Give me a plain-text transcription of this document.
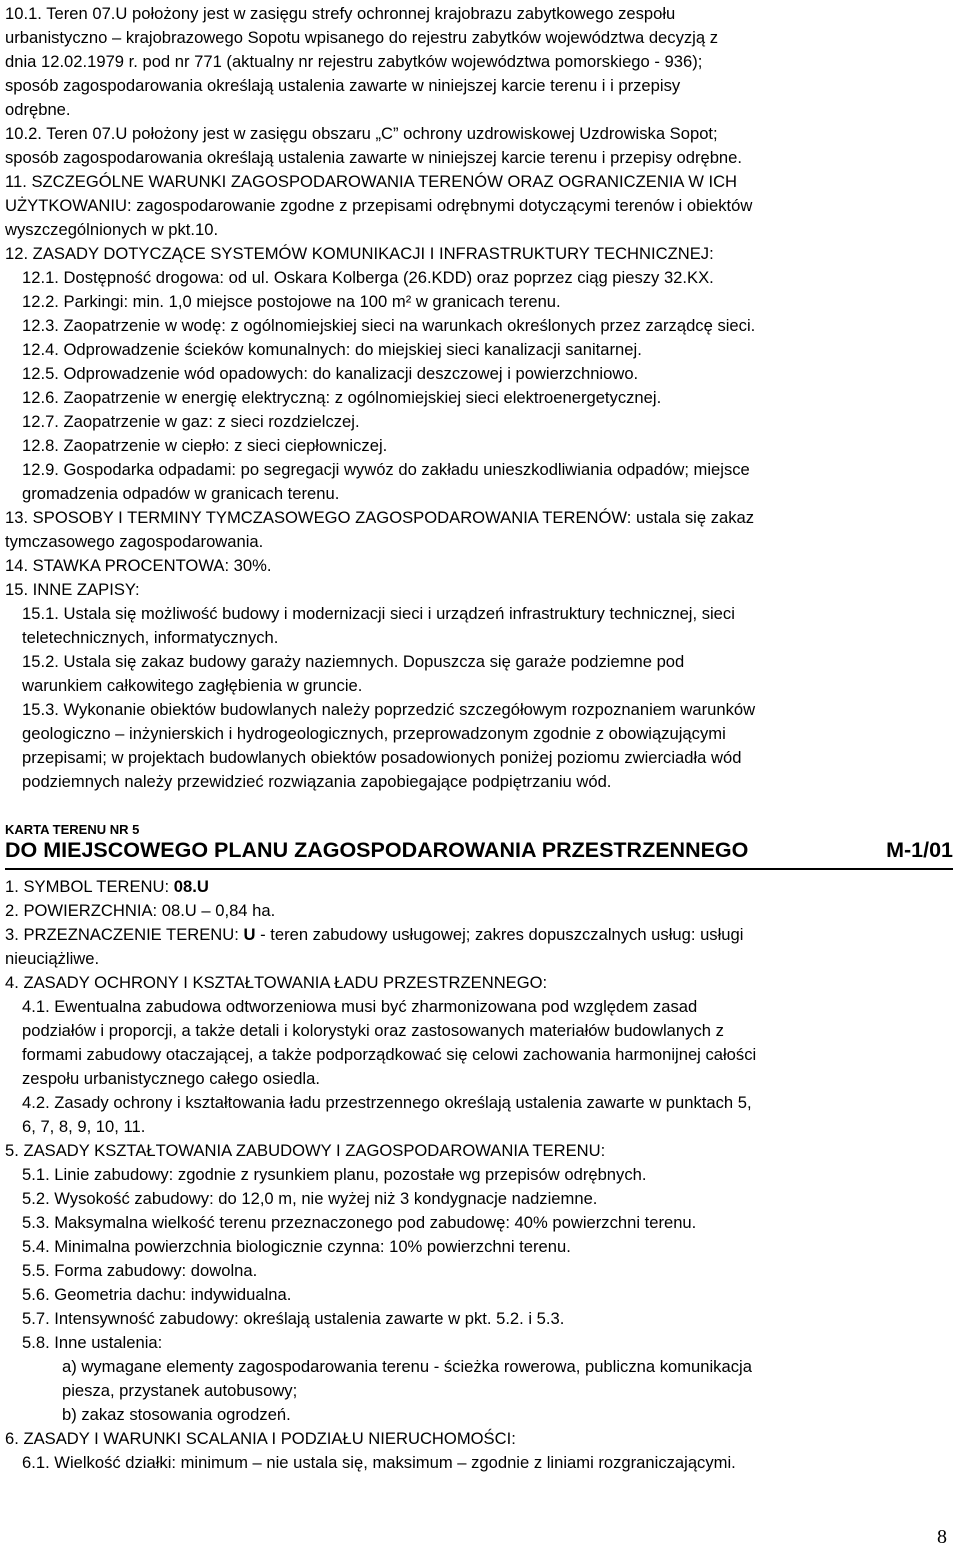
10.1. Teren 07.U położony jest w zasięgu strefy ochronnej krajobrazu zabytkowego zespołu
urbanistyczno – krajobrazowego Sopotu wpisanego do rejestru zabytków województwa decyzją z
dnia 12.02.1979 r. pod nr 771 (aktualny nr rejestru zabytków województwa pomorskiego - 936);
sposób zagospodarowania określają ustalenia zawarte w niniejszej karcie terenu i i przepisy
odrębne.
10.2. Teren 07.U położony jest w zasięgu obszaru „C” ochrony uzdrowiskowej Uzdrowiska Sopot;
sposób zagospodarowania określają ustalenia zawarte w niniejszej karcie terenu i przepisy odrębne.
11. SZCZEGÓLNE WARUNKI ZAGOSPODAROWANIA TERENÓW ORAZ OGRANICZENIA W ICH
UŻYTKOWANIU: zagospodarowanie zgodne z przepisami odrębnymi dotyczącymi terenów i obiektów
wyszczególnionych w pkt.10.
12. ZASADY DOTYCZĄCE SYSTEMÓW KOMUNIKACJI I INFRASTRUKTURY TECHNICZNEJ:
12.1. Dostępność drogowa: od ul. Oskara Kolberga (26.KDD) oraz poprzez ciąg pieszy 32.KX.
12.2. Parkingi: min. 1,0 miejsce postojowe na 100 m² w granicach terenu.
12.3. Zaopatrzenie w wodę: z ogólnomiejskiej sieci na warunkach określonych przez zarządcę sieci.
12.4. Odprowadzenie ścieków komunalnych: do miejskiej sieci kanalizacji sanitarnej.
12.5. Odprowadzenie wód opadowych: do kanalizacji deszczowej i powierzchniowo.
12.6. Zaopatrzenie w energię elektryczną: z ogólnomiejskiej sieci elektroenergetycznej.
12.7. Zaopatrzenie w gaz: z sieci rozdzielczej.
12.8. Zaopatrzenie w ciepło: z sieci ciepłowniczej.
12.9. Gospodarka odpadami: po segregacji wywóz do zakładu unieszkodliwiania odpadów; miejsce
gromadzenia odpadów w granicach terenu.
13. SPOSOBY I TERMINY TYMCZASOWEGO ZAGOSPODAROWANIA TERENÓW: ustala się zakaz
tymczasowego zagospodarowania.
14. STAWKA PROCENTOWA: 30%.
15. INNE ZAPISY:
15.1. Ustala się możliwość budowy i modernizacji sieci i urządzeń infrastruktury technicznej, sieci
teletechnicznych, informatycznych.
15.2. Ustala się zakaz budowy garaży naziemnych. Dopuszcza się garaże podziemne pod
warunkiem całkowitego zagłębienia w gruncie.
15.3. Wykonanie obiektów budowlanych należy poprzedzić szczegółowym rozpoznaniem warunków
geologiczno – inżynierskich i hydrogeologicznych, przeprowadzonym zgodnie z obowiązującymi
przepisami; w projektach budowlanych obiektów posadowionych poniżej poziomu zwierciadła wód
podziemnych należy przewidzieć rozwiązania zapobiegające podpiętrzaniu wód.
KARTA TERENU NR 5
DO MIEJSCOWEGO PLANU ZAGOSPODAROWANIA PRZESTRZENNEGO	M-1/01
1. SYMBOL TERENU: 08.U
2. POWIERZCHNIA: 08.U – 0,84 ha.
3. PRZEZNACZENIE TERENU: U - teren zabudowy usługowej; zakres dopuszczalnych usług: usługi
nieuciążliwe.
4. ZASADY OCHRONY I KSZTAŁTOWANIA ŁADU PRZESTRZENNEGO:
4.1. Ewentualna zabudowa odtworzeniowa musi być zharmonizowana pod względem zasad
podziałów i proporcji, a także detali i kolorystyki oraz zastosowanych materiałów budowlanych z
formami zabudowy otaczającej, a także podporządkować się celowi zachowania harmonijnej całości
zespołu urbanistycznego całego osiedla.
4.2. Zasady ochrony i kształtowania ładu przestrzennego określają ustalenia zawarte w punktach 5,
6, 7, 8, 9, 10, 11.
5. ZASADY KSZTAŁTOWANIA ZABUDOWY I ZAGOSPODAROWANIA TERENU:
5.1. Linie zabudowy: zgodnie z rysunkiem planu, pozostałe wg przepisów odrębnych.
5.2. Wysokość zabudowy: do 12,0 m, nie wyżej niż 3 kondygnacje nadziemne.
5.3. Maksymalna wielkość terenu przeznaczonego pod zabudowę: 40% powierzchni terenu.
5.4. Minimalna powierzchnia biologicznie czynna: 10% powierzchni terenu.
5.5. Forma zabudowy: dowolna.
5.6. Geometria dachu: indywidualna.
5.7. Intensywność zabudowy: określają ustalenia zawarte w pkt. 5.2. i 5.3.
5.8. Inne ustalenia:
a) wymagane elementy zagospodarowania terenu - ścieżka rowerowa, publiczna komunikacja
piesza, przystanek autobusowy;
b) zakaz stosowania ogrodzeń.
6. ZASADY I WARUNKI SCALANIA I PODZIAŁU NIERUCHOMOŚCI:
6.1. Wielkość działki: minimum – nie ustala się, maksimum – zgodnie z liniami rozgraniczającymi.
8
